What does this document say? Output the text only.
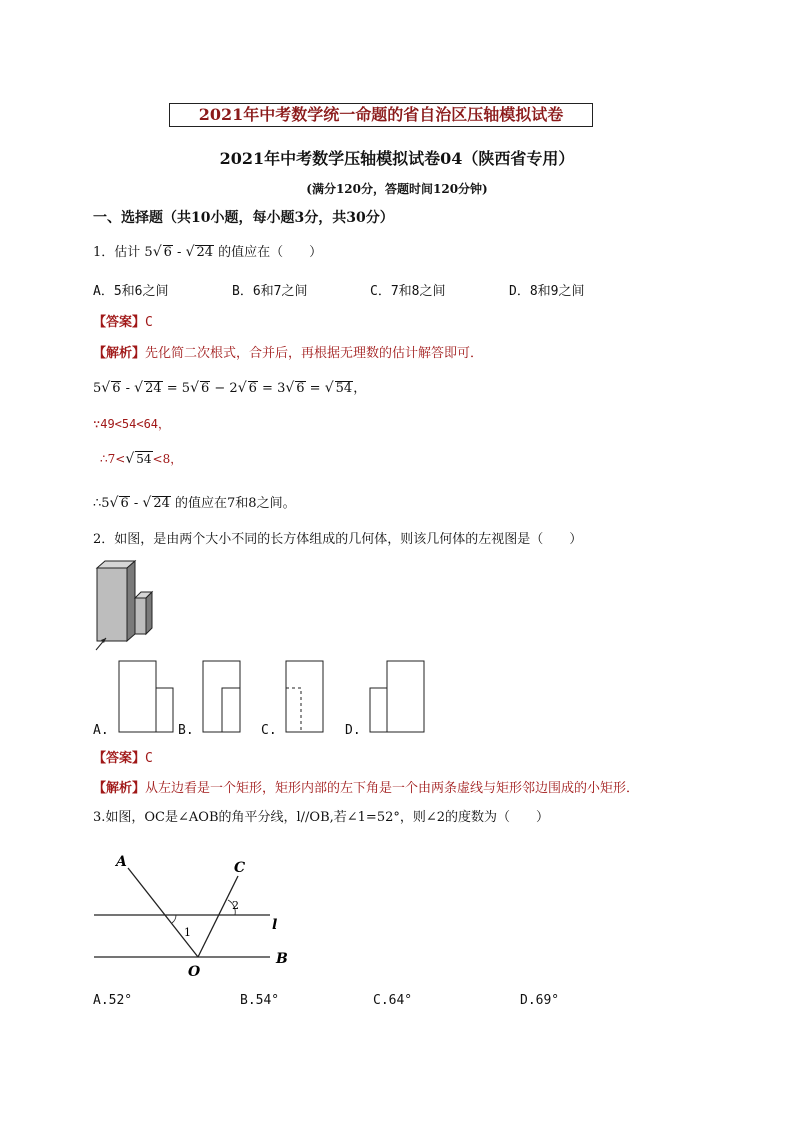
2021年中考数学统一命题的省自治区压轴模拟试卷
2021年中考数学压轴模拟试卷04（陕西省专用）
(满分120分，答题时间120分钟)
一、选择题（共10小题，每小题3分，共30分）
1．估计 5√ 6 - √ 24 的值应在（　　）
A．5和6之间	B．6和7之间	C．7和8之间	D．8和9之间
【答案】C
【解析】先化简二次根式，合并后，再根据无理数的估计解答即可．
5√ 6 - √ 24 = 5√ 6 − 2√ 6 = 3√ 6 = √ 54，
∵49<54<64，
∴7<√ 54<8，
∴5√ 6 - √ 24 的值应在7和8之间。
2．如图，是由两个大小不同的长方体组成的几何体，则该几何体的左视图是（　　）
A.	B.	C.	D.
【答案】C
【解析】从左边看是一个矩形，矩形内部的左下角是一个由两条虚线与矩形邻边围成的小矩形．
3.如图，OC是∠AOB的角平分线，l//OB,若∠1=52°，则∠2的度数为（　　）
A	C
l
B
O
1
2
A.52°	B.54°	C.64°	D.69°
